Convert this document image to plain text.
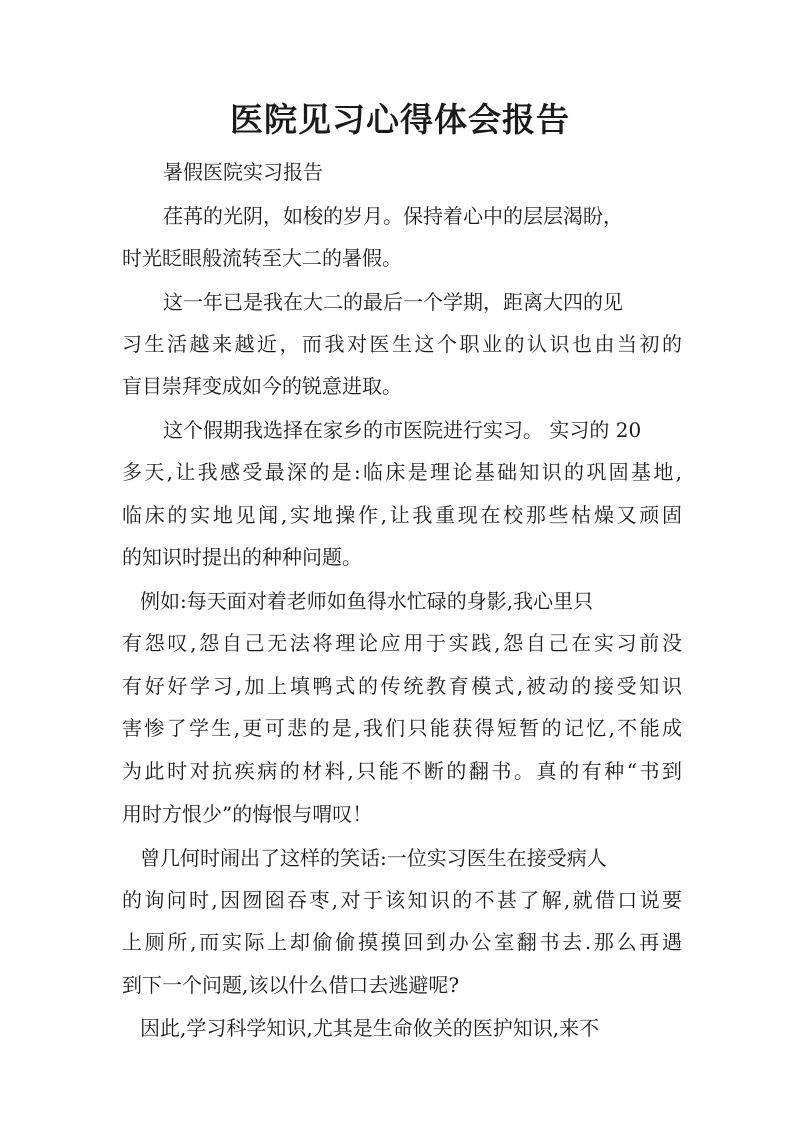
医院见习心得体会报告

暑假医院实习报告

荏苒的光阴，如梭的岁月。保持着心中的层层渴盼，

时光眨眼般流转至大二的暑假。

这一年已是我在大二的最后一个学期，距离大四的见

习生活越来越近，而我对医生这个职业的认识也由当初的

盲目崇拜变成如今的锐意进取。

这个假期我选择在家乡的市医院进行实习。 实习的 20

多天,让我感受最深的是:临床是理论基础知识的巩固基地,

临床的实地见闻,实地操作,让我重现在校那些枯燥又顽固

的知识时提出的种种问题。

例如:每天面对着老师如鱼得水忙碌的身影,我心里只

有怨叹,怨自己无法将理论应用于实践,怨自己在实习前没

有好好学习,加上填鸭式的传统教育模式,被动的接受知识

害惨了学生,更可悲的是,我们只能获得短暂的记忆,不能成

为此时对抗疾病的材料,只能不断的翻书。真的有种“书到

用时方恨少”的悔恨与喟叹！

曾几何时闹出了这样的笑话:一位实习医生在接受病人

的询问时,因囫囵吞枣,对于该知识的不甚了解,就借口说要

上厕所,而实际上却偷偷摸摸回到办公室翻书去.那么再遇

到下一个问题,该以什么借口去逃避呢?

因此,学习科学知识,尤其是生命攸关的医护知识,来不
